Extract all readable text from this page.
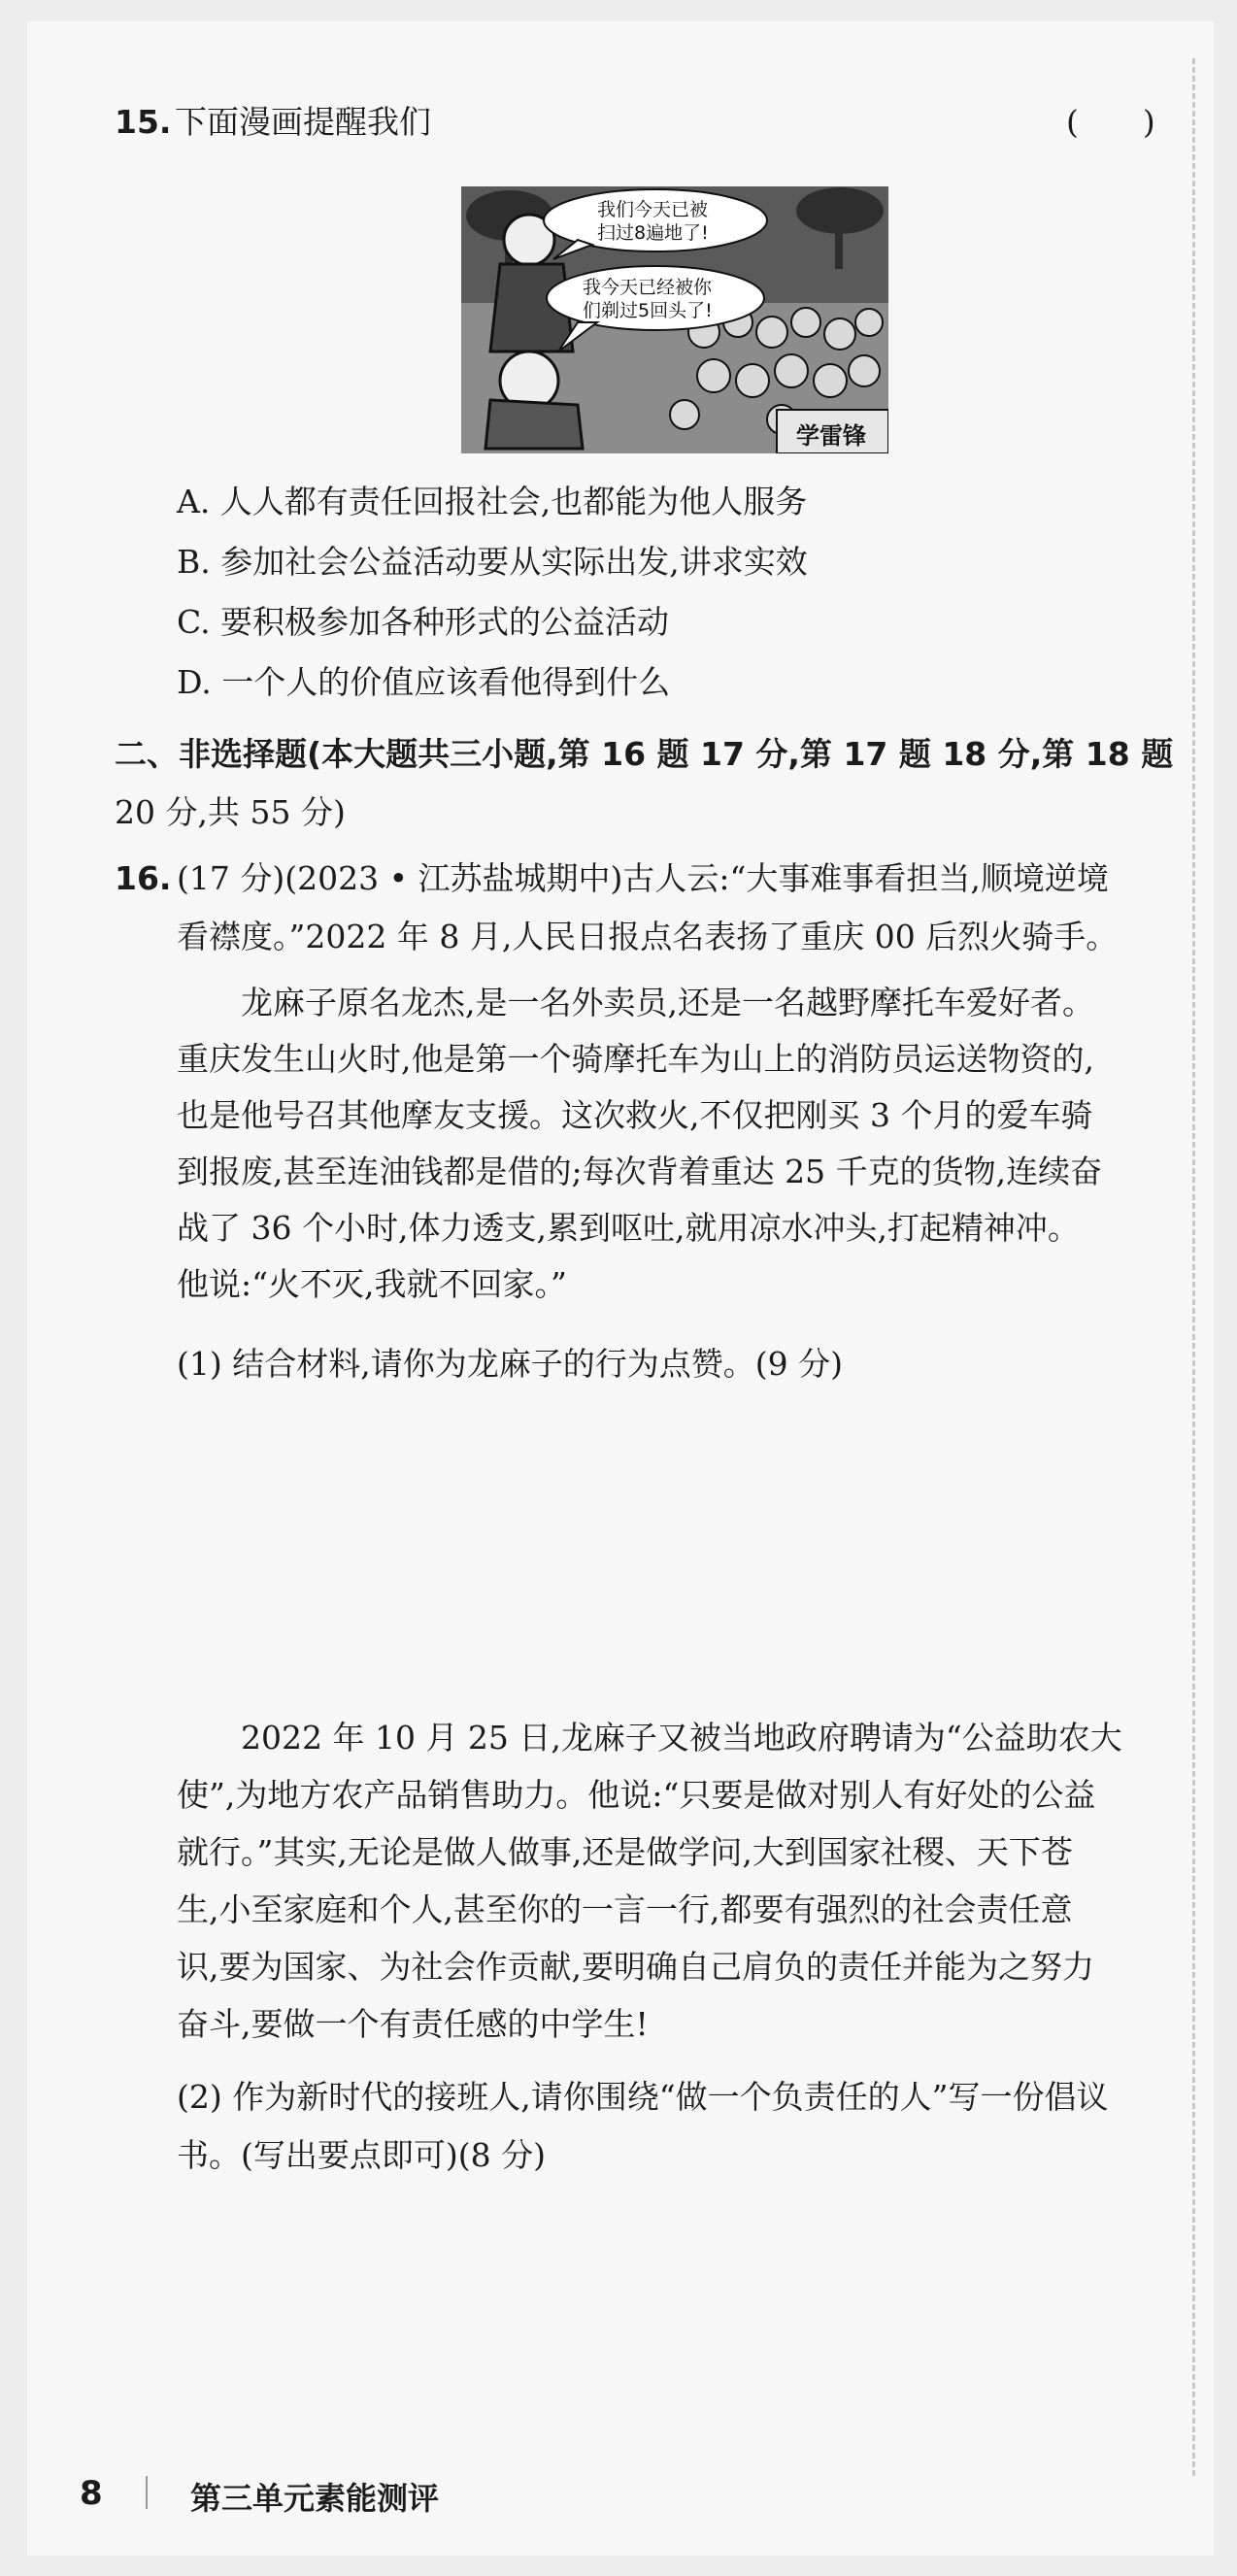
15. 下面漫画提醒我们	(　　)
我们今天已被
扫过8遍地了!
我今天已经被你
们剃过5回头了!
学雷锋
A. 人人都有责任回报社会,也都能为他人服务
B. 参加社会公益活动要从实际出发,讲求实效
C. 要积极参加各种形式的公益活动
D. 一个人的价值应该看他得到什么
二、非选择题(本大题共三小题,第 16 题 17 分,第 17 题 18 分,第 18 题
20 分,共 55 分)
16. (17 分)(2023 • 江苏盐城期中)古人云:“大事难事看担当,顺境逆境
看襟度。”2022 年 8 月,人民日报点名表扬了重庆 00 后烈火骑手。
　　龙麻子原名龙杰,是一名外卖员,还是一名越野摩托车爱好者。
重庆发生山火时,他是第一个骑摩托车为山上的消防员运送物资的,
也是他号召其他摩友支援。这次救火,不仅把刚买 3 个月的爱车骑
到报废,甚至连油钱都是借的;每次背着重达 25 千克的货物,连续奋
战了 36 个小时,体力透支,累到呕吐,就用凉水冲头,打起精神冲。
他说:“火不灭,我就不回家。”
(1) 结合材料,请你为龙麻子的行为点赞。(9 分)
　　2022 年 10 月 25 日,龙麻子又被当地政府聘请为“公益助农大
使”,为地方农产品销售助力。他说:“只要是做对别人有好处的公益
就行。”其实,无论是做人做事,还是做学问,大到国家社稷、天下苍
生,小至家庭和个人,甚至你的一言一行,都要有强烈的社会责任意
识,要为国家、为社会作贡献,要明确自己肩负的责任并能为之努力
奋斗,要做一个有责任感的中学生!
(2) 作为新时代的接班人,请你围绕“做一个负责任的人”写一份倡议
书。(写出要点即可)(8 分)
8	第三单元素能测评
